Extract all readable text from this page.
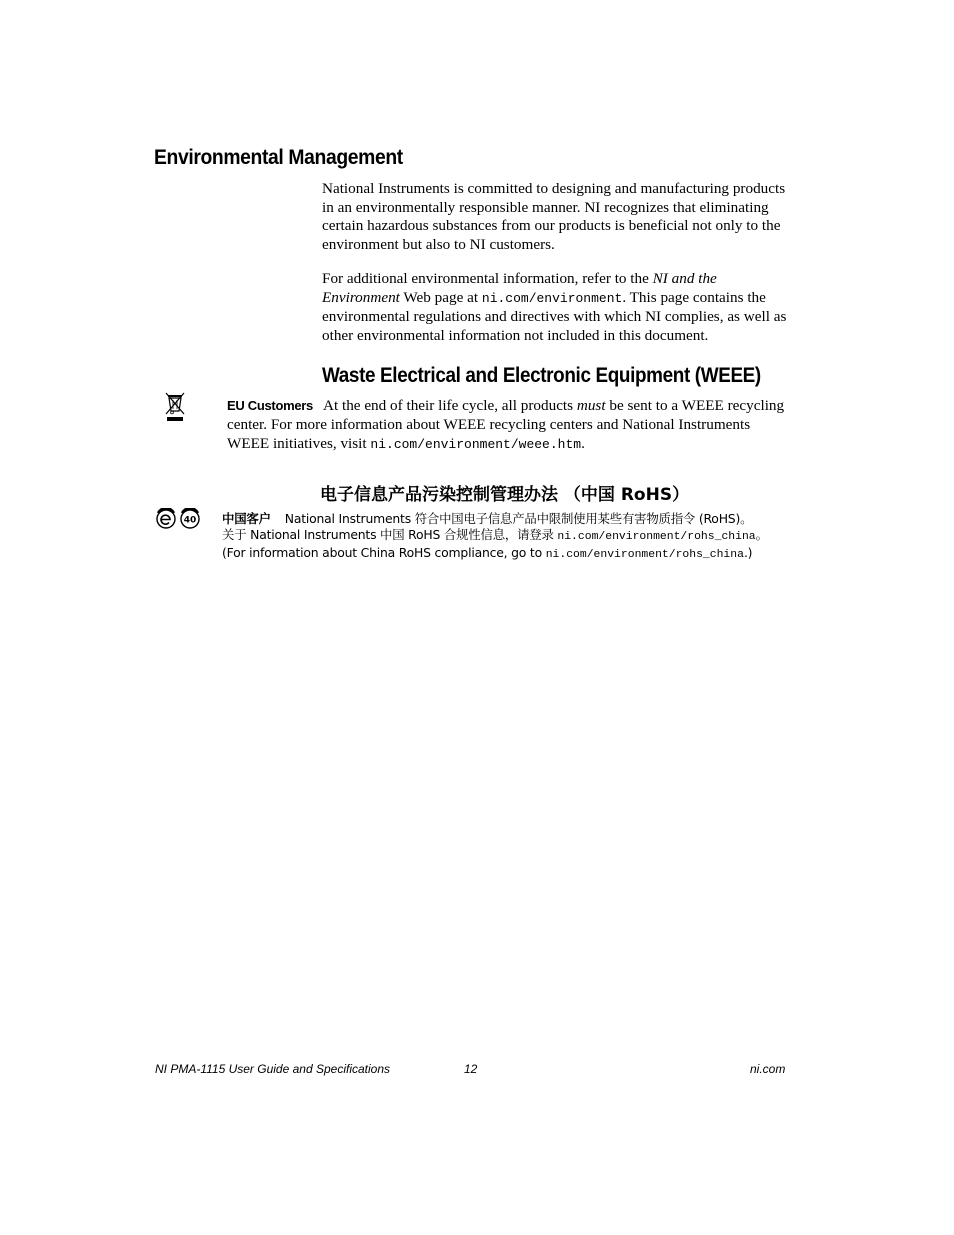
Environmental Management

National Instruments is committed to designing and manufacturing products in an environmentally responsible manner. NI recognizes that eliminating certain hazardous substances from our products is beneficial not only to the environment but also to NI customers.

For additional environmental information, refer to the NI and the Environment Web page at ni.com/environment. This page contains the environmental regulations and directives with which NI complies, as well as other environmental information not included in this document.

Waste Electrical and Electronic Equipment (WEEE)

EU Customers At the end of their life cycle, all products must be sent to a WEEE recycling center. For more information about WEEE recycling centers and National Instruments WEEE initiatives, visit ni.com/environment/weee.htm.

电子信息产品污染控制管理办法 （中国 RoHS）
40 中国客户 National Instruments 符合中国电子信息产品中限制使用某些有害物质指令 (RoHS)。
关于 National Instruments 中国 RoHS 合规性信息，请登录 ni.com/environment/rohs_china。
(For information about China RoHS compliance, go to ni.com/environment/rohs_china.)
NI PMA-1115 User Guide and Specifications	12	ni.com
